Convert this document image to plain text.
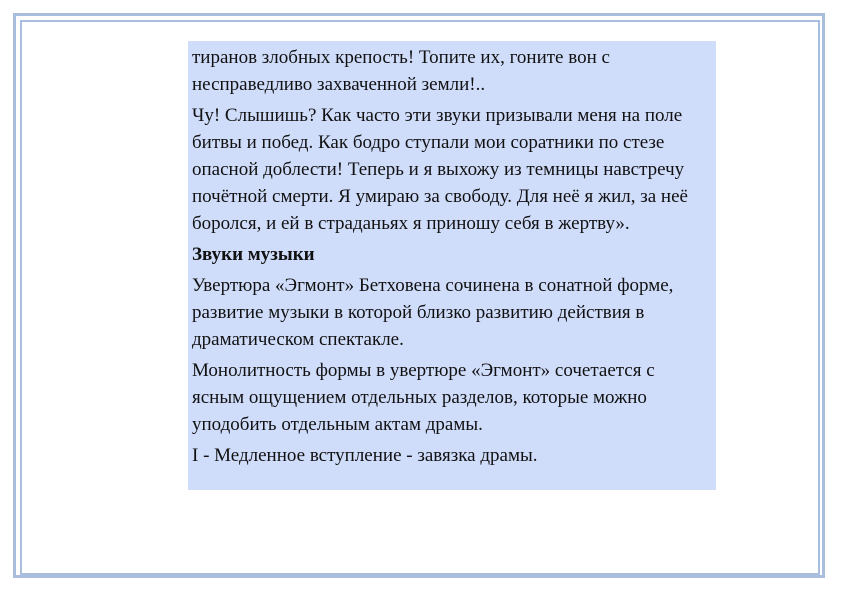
тиранов злобных крепость! Топите их, гоните вон с несправедливо захваченной земли!..

Чу! Слышишь? Как часто эти звуки призывали меня на поле битвы и побед. Как бодро ступали мои соратники по стезе опасной доблести! Теперь и я выхожу из темницы навстречу почётной смерти. Я умираю за свободу. Для неё я жил, за неё боролся, и ей в страданьях я приношу себя в жертву».

Звуки музыки

Увертюра «Эгмонт» Бетховена сочинена в сонатной форме, развитие музыки в которой близко развитию действия в драматическом спектакле.

Монолитность формы в увертюре «Эгмонт» сочетается с ясным ощущением отдельных разделов, которые можно уподобить отдельным актам драмы.

I - Медленное вступление - завязка драмы.
